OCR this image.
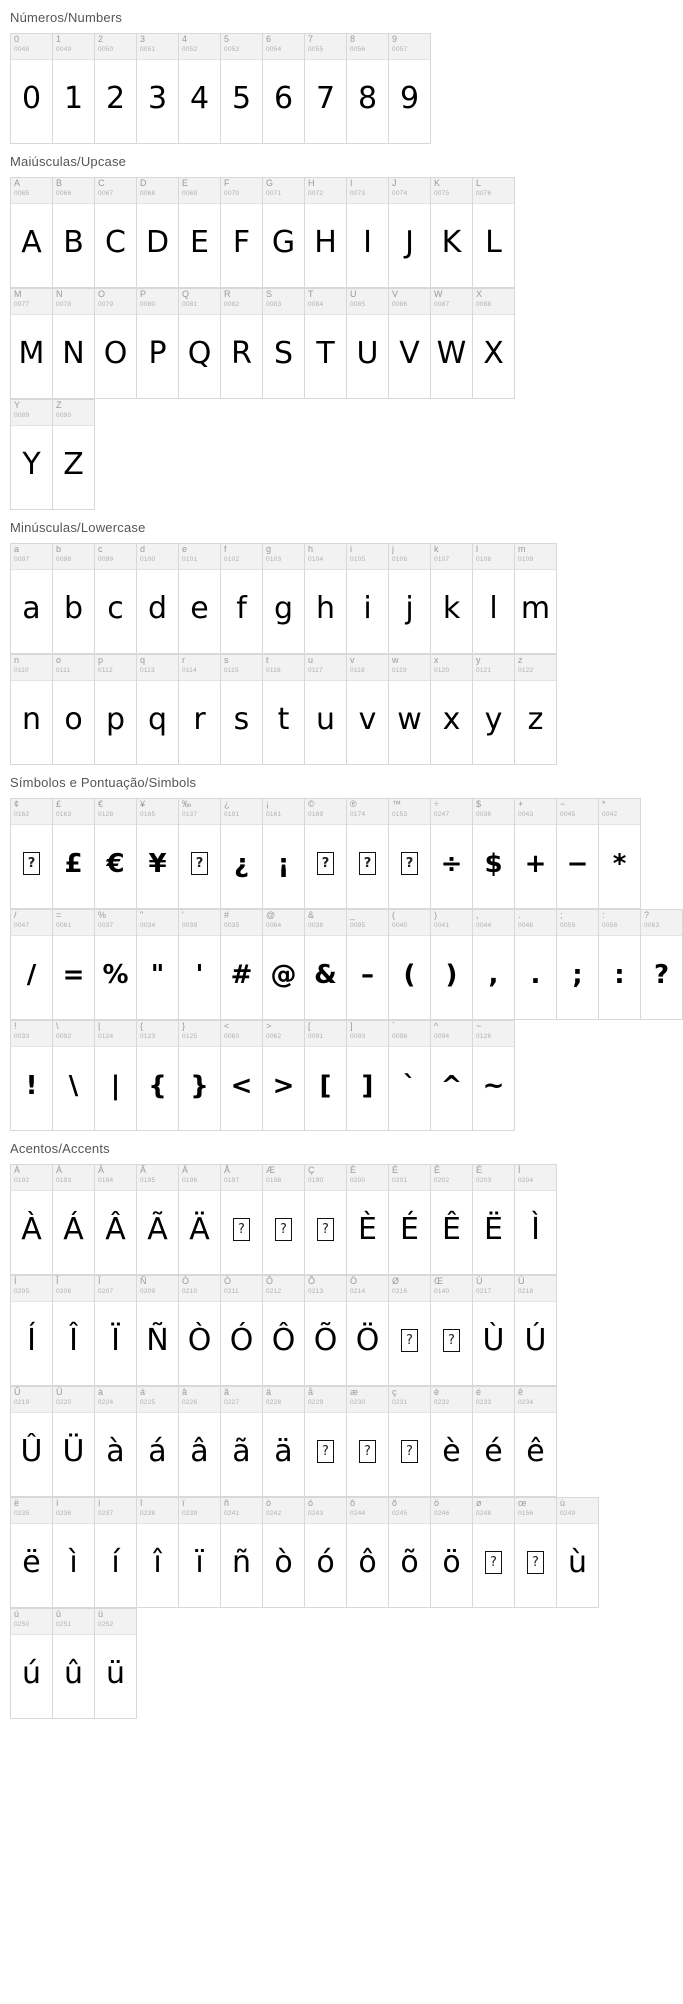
Números/Numbers
0
0048
0
1
0049
1
2
0050
2
3
0051
3
4
0052
4
5
0053
5
6
0054
6
7
0055
7
8
0056
8
9
0057
9
Maiúsculas/Upcase
A
0065
A
B
0066
B
C
0067
C
D
0068
D
E
0069
E
F
0070
F
G
0071
G
H
0072
H
I
0073
I
J
0074
J
K
0075
K
L
0076
L
M
0077
M
N
0078
N
O
0079
O
P
0080
P
Q
0081
Q
R
0082
R
S
0083
S
T
0084
T
U
0085
U
V
0086
V
W
0087
W
X
0088
X
Y
0089
Y
Z
0090
Z
Minúsculas/Lowercase
a
0097
a
b
0098
b
c
0099
c
d
0100
d
e
0101
e
f
0102
f
g
0103
g
h
0104
h
i
0105
i
j
0106
j
k
0107
k
l
0108
l
m
0109
m
n
0110
n
o
0111
o
p
0112
p
q
0113
q
r
0114
r
s
0115
s
t
0116
t
u
0117
u
v
0118
v
w
0119
w
x
0120
x
y
0121
y
z
0122
z
Símbolos e Pontuação/Simbols
¢
0162
?
£
0163
£
€
0128
€
¥
0165
¥
‰
0137
?
¿
0191
¿
¡
0161
¡
©
0169
?
®
0174
?
™
0153
?
÷
0247
÷
$
0036
$
+
0043
+
−
0045
−
*
0042
*
/
0047
/
=
0061
=
%
0037
%
"
0034
"
'
0039
'
#
0035
#
@
0064
@
&
0038
&
_
0095
–
(
0040
(
)
0041
)
,
0044
,
.
0046
.
;
0059
;
:
0058
:
?
0063
?
!
0033
!
\
0092
\
|
0124
|
{
0123
{
}
0125
}
<
0060
<
>
0062
>
[
0091
[
]
0093
]
`
0096
`
^
0094
^
~
0126
~
Acentos/Accents
À
0192
À
Á
0193
Á
Â
0194
Â
Ã
0195
Ã
Ä
0196
Ä
Å
0197
?
Æ
0198
?
Ç
0190
?
È
0200
È
É
0201
É
Ê
0202
Ê
Ë
0203
Ë
Ì
0204
Ì
Í
0205
Í
Î
0206
Î
Ï
0207
Ï
Ñ
0209
Ñ
Ò
0210
Ò
Ó
0211
Ó
Ô
0212
Ô
Õ
0213
Õ
Ö
0214
Ö
Ø
0216
?
Œ
0140
?
Ù
0217
Ù
Ú
0218
Ú
Û
0219
Û
Ü
0220
Ü
à
0224
à
á
0225
á
â
0226
â
ã
0227
ã
ä
0228
ä
å
0229
?
æ
0230
?
ç
0231
?
è
0232
è
é
0233
é
ê
0234
ê
ë
0235
ë
ì
0236
ì
í
0237
í
î
0238
î
ï
0239
ï
ñ
0241
ñ
ò
0242
ò
ó
0243
ó
ô
0244
ô
õ
0245
õ
ö
0246
ö
ø
0248
?
œ
0156
?
ù
0249
ù
ú
0250
ú
û
0251
û
ü
0252
ü
